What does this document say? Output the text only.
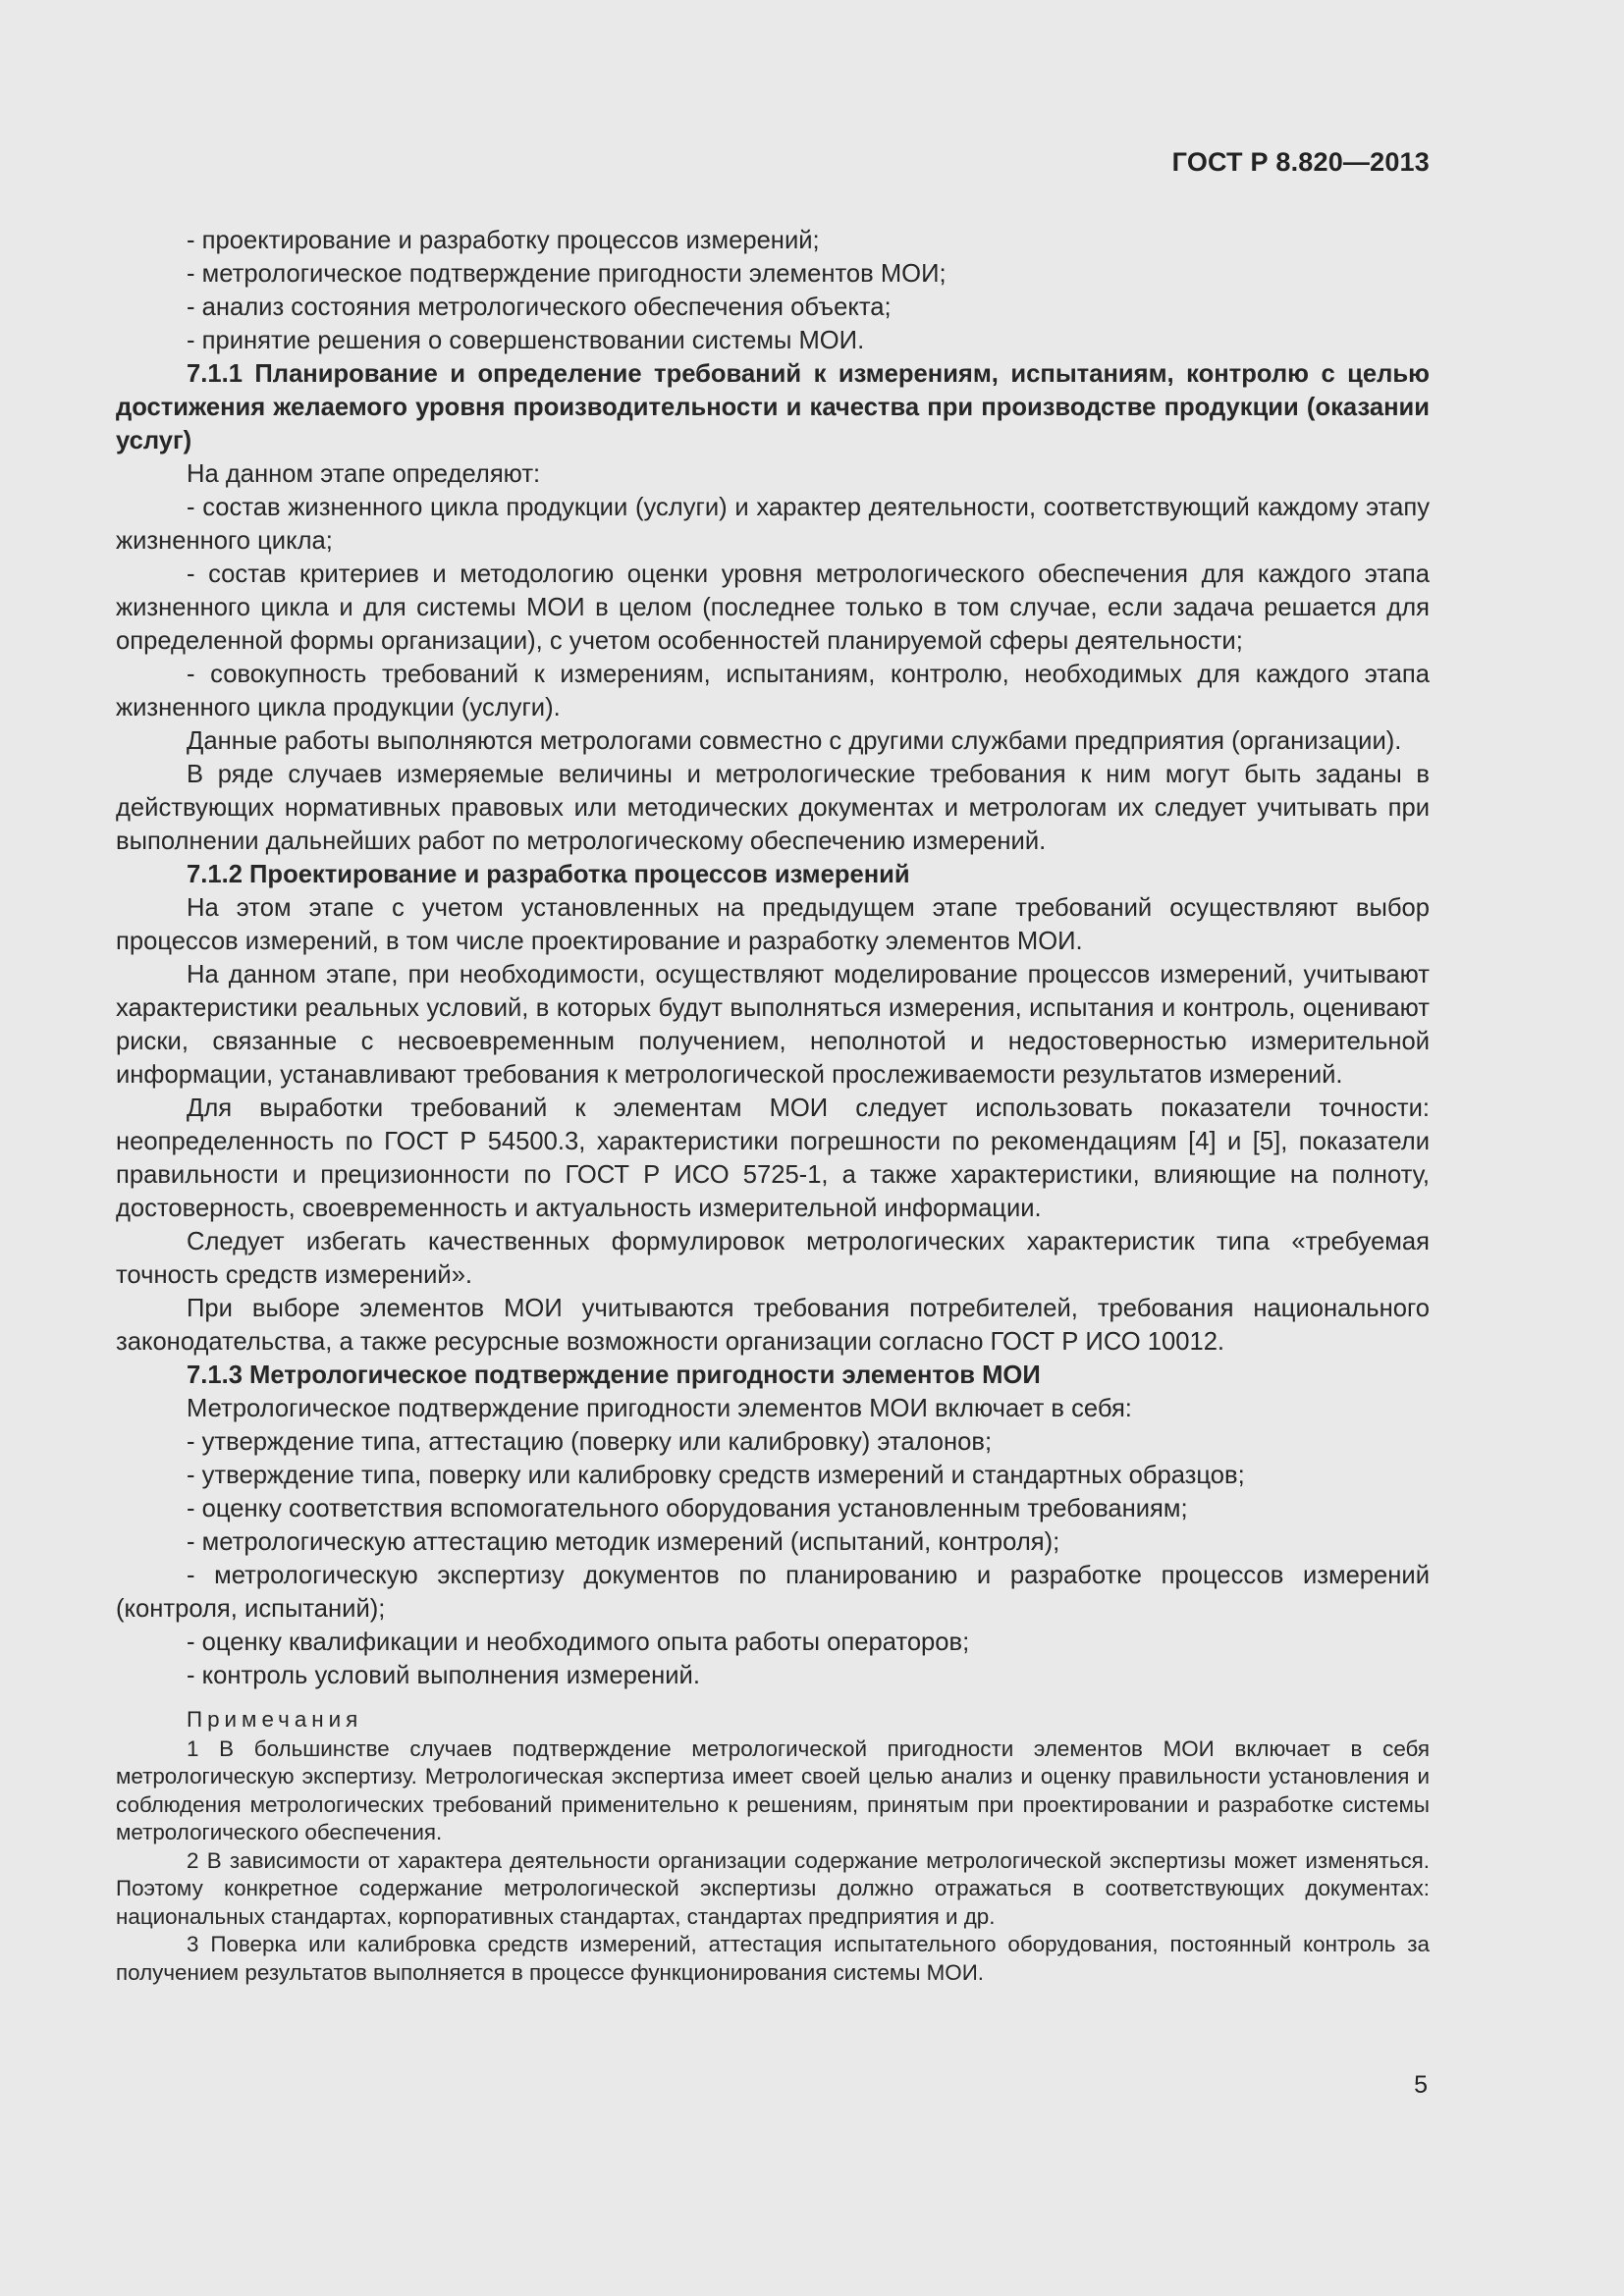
ГОСТ Р 8.820—2013

- проектирование и разработку процессов измерений;

- метрологическое подтверждение пригодности элементов МОИ;

- анализ состояния метрологического обеспечения объекта;

- принятие решения о совершенствовании системы МОИ.

7.1.1 Планирование и определение требований к измерениям, испытаниям, контролю с целью достижения желаемого уровня производительности и качества при производстве продукции (оказании услуг)

На данном этапе определяют:

- состав жизненного цикла продукции (услуги) и характер деятельности, соответствующий каждому этапу жизненного цикла;

- состав критериев и методологию оценки уровня метрологического обеспечения для каждого этапа жизненного цикла и для системы МОИ в целом (последнее только в том случае, если задача решается для определенной формы организации), с учетом особенностей планируемой сферы деятельности;

- совокупность требований к измерениям, испытаниям, контролю, необходимых для каждого этапа жизненного цикла продукции (услуги).

Данные работы выполняются метрологами совместно с другими службами предприятия (организации).

В ряде случаев измеряемые величины и метрологические требования к ним могут быть заданы в действующих нормативных правовых или методических документах и метрологам их следует учитывать при выполнении дальнейших работ по метрологическому обеспечению измерений.

7.1.2 Проектирование и разработка процессов измерений

На этом этапе с учетом установленных на предыдущем этапе требований осуществляют выбор процессов измерений, в том числе проектирование и разработку элементов МОИ.

На данном этапе, при необходимости, осуществляют моделирование процессов измерений, учитывают характеристики реальных условий, в которых будут выполняться измерения, испытания и контроль, оценивают риски, связанные с несвоевременным получением, неполнотой и недостоверностью измерительной информации, устанавливают требования к метрологической прослеживаемости результатов измерений.

Для выработки требований к элементам МОИ следует использовать показатели точности: неопределенность по ГОСТ Р 54500.3, характеристики погрешности по рекомендациям [4] и [5], показатели правильности и прецизионности по ГОСТ Р ИСО 5725-1, а также характеристики, влияющие на полноту, достоверность, своевременность и актуальность измерительной информации.

Следует избегать качественных формулировок метрологических характеристик типа «требуемая точность средств измерений».

При выборе элементов МОИ учитываются требования потребителей, требования национального законодательства, а также ресурсные возможности организации согласно ГОСТ Р ИСО 10012.

7.1.3 Метрологическое подтверждение пригодности элементов МОИ

Метрологическое подтверждение пригодности элементов МОИ включает в себя:

- утверждение типа, аттестацию (поверку или калибровку) эталонов;

- утверждение типа, поверку или калибровку средств измерений и стандартных образцов;

- оценку соответствия вспомогательного оборудования установленным требованиям;

- метрологическую аттестацию методик измерений (испытаний, контроля);

- метрологическую экспертизу документов по планированию и разработке процессов измерений (контроля, испытаний);

- оценку квалификации и необходимого опыта работы операторов;

- контроль условий выполнения измерений.

Примечания

1 В большинстве случаев подтверждение метрологической пригодности элементов МОИ включает в себя метрологическую экспертизу. Метрологическая экспертиза имеет своей целью анализ и оценку правильности установления и соблюдения метрологических требований применительно к решениям, принятым при проектировании и разработке системы метрологического обеспечения.

2 В зависимости от характера деятельности организации содержание метрологической экспертизы может изменяться. Поэтому конкретное содержание метрологической экспертизы должно отражаться в соответствующих документах: национальных стандартах, корпоративных стандартах, стандартах предприятия и др.

3 Поверка или калибровка средств измерений, аттестация испытательного оборудования, постоянный контроль за получением результатов выполняется в процессе функционирования системы МОИ.

5
